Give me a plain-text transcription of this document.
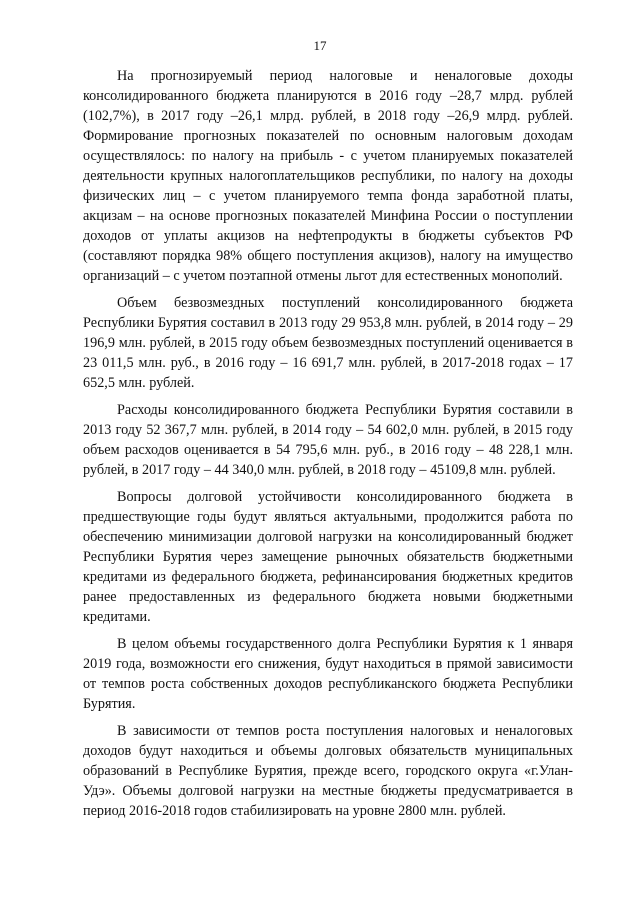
17

На прогнозируемый период налоговые и неналоговые доходы консолидированного бюджета планируются в 2016 году –28,7 млрд. рублей (102,7%), в 2017 году –26,1 млрд. рублей, в 2018 году –26,9 млрд. рублей. Формирование прогнозных показателей по основным налоговым доходам осуществлялось: по налогу на прибыль - с учетом планируемых показателей деятельности крупных налогоплательщиков республики, по налогу на доходы физических лиц – с учетом планируемого темпа фонда заработной платы, акцизам – на основе прогнозных показателей Минфина России о поступлении доходов от уплаты акцизов на нефтепродукты в бюджеты субъектов РФ (составляют порядка 98% общего поступления акцизов), налогу на имущество организаций – с учетом поэтапной отмены льгот для естественных монополий.

Объем безвозмездных поступлений консолидированного бюджета Республики Бурятия составил в 2013 году 29 953,8 млн. рублей, в 2014 году – 29 196,9 млн. рублей, в 2015 году объем безвозмездных поступлений оценивается в 23 011,5 млн. руб., в 2016 году – 16 691,7 млн. рублей, в 2017-2018 годах – 17 652,5 млн. рублей.

Расходы консолидированного бюджета Республики Бурятия составили в 2013 году 52 367,7 млн. рублей, в 2014 году – 54 602,0 млн. рублей, в 2015 году объем расходов оценивается в 54 795,6 млн. руб., в 2016 году – 48 228,1 млн. рублей, в 2017 году – 44 340,0 млн. рублей, в 2018 году – 45109,8 млн. рублей.

Вопросы долговой устойчивости консолидированного бюджета в предшествующие годы будут являться актуальными, продолжится работа по обеспечению минимизации долговой нагрузки на консолидированный бюджет Республики Бурятия через замещение рыночных обязательств бюджетными кредитами из федерального бюджета, рефинансирования бюджетных кредитов ранее предоставленных из федерального бюджета новыми бюджетными кредитами.

В целом объемы государственного долга Республики Бурятия к 1 января 2019 года, возможности его снижения, будут находиться в прямой зависимости от темпов роста собственных доходов республиканского бюджета Республики Бурятия.

В зависимости от темпов роста поступления налоговых и неналоговых доходов будут находиться и объемы долговых обязательств муниципальных образований в Республике Бурятия, прежде всего, городского округа «г.Улан-Удэ». Объемы долговой нагрузки на местные бюджеты предусматривается в период 2016-2018 годов стабилизировать на уровне 2800 млн. рублей.
